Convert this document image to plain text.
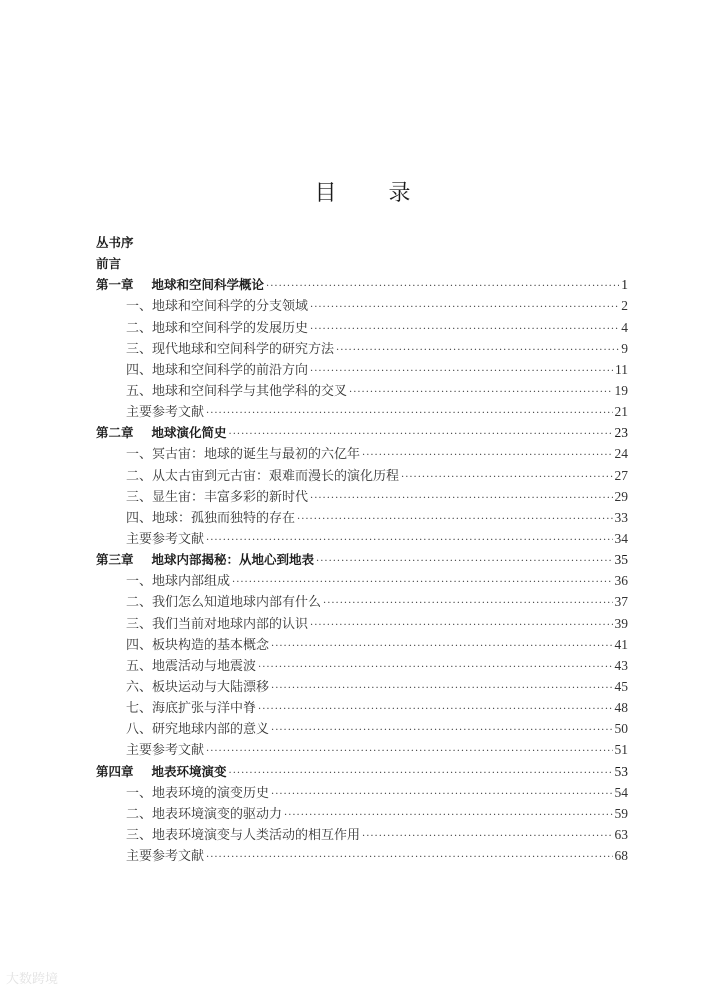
目 录
丛书序
前言
第一章 地球和空间科学概论 ·····	1
一、地球和空间科学的分支领域 ·····	2
二、地球和空间科学的发展历史 ·····	4
三、现代地球和空间科学的研究方法 ·····	9
四、地球和空间科学的前沿方向 ·····	11
五、地球和空间科学与其他学科的交叉 ·····	19
主要参考文献 ·····	21
第二章 地球演化简史 ·····	23
一、冥古宙：地球的诞生与最初的六亿年 ·····	24
二、从太古宙到元古宙：艰难而漫长的演化历程 ·····	27
三、显生宙：丰富多彩的新时代 ·····	29
四、地球：孤独而独特的存在 ·····	33
主要参考文献 ·····	34
第三章 地球内部揭秘：从地心到地表 ·····	35
一、地球内部组成 ·····	36
二、我们怎么知道地球内部有什么 ·····	37
三、我们当前对地球内部的认识 ·····	39
四、板块构造的基本概念 ·····	41
五、地震活动与地震波 ·····	43
六、板块运动与大陆漂移 ·····	45
七、海底扩张与洋中脊 ·····	48
八、研究地球内部的意义 ·····	50
主要参考文献 ·····	51
第四章 地表环境演变 ·····	53
一、地表环境的演变历史 ·····	54
二、地表环境演变的驱动力 ·····	59
三、地表环境演变与人类活动的相互作用 ·····	63
主要参考文献 ·····	68
大数跨境
